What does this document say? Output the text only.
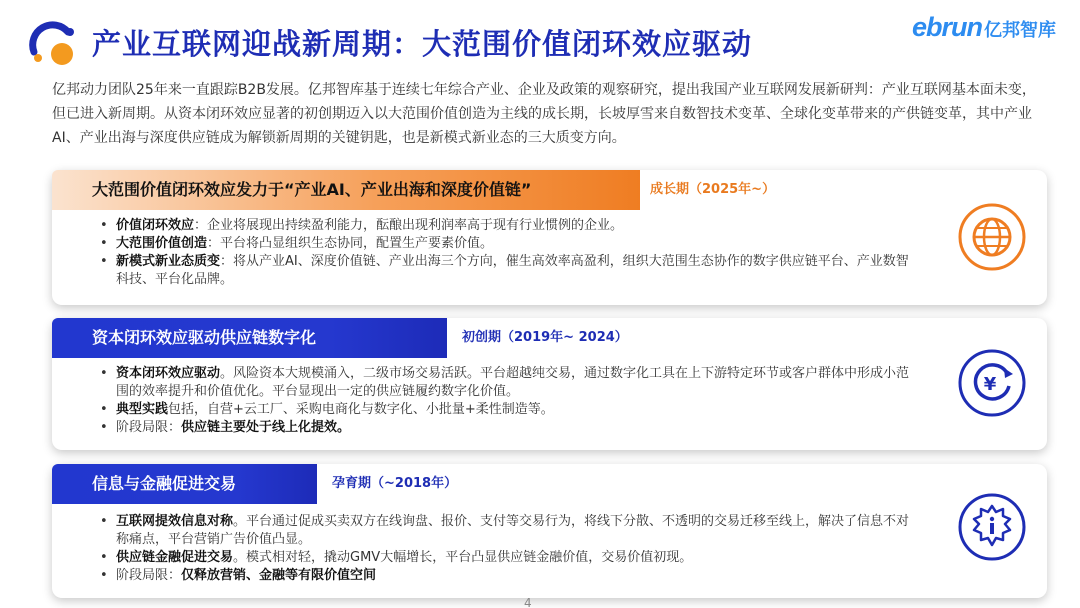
产业互联网迎战新周期：大范围价值闭环效应驱动	ebrun 亿邦智库

亿邦动力团队25年来一直跟踪B2B发展。亿邦智库基于连续七年综合产业、企业及政策的观察研究，提出我国产业互联网发展新研判：产业互联网基本面未变，但已进入新周期。从资本闭环效应显著的初创期迈入以大范围价值创造为主线的成长期，长坡厚雪来自数智技术变革、全球化变革带来的产供链变革，其中产业AI、产业出海与深度供应链成为解锁新周期的关键钥匙，也是新模式新业态的三大质变方向。

大范围价值闭环效应发力于“产业AI、产业出海和深度价值链”	成长期（2025年~）
• 价值闭环效应：企业将展现出持续盈利能力，酝酿出现利润率高于现有行业惯例的企业。
• 大范围价值创造：平台将凸显组织生态协同，配置生产要素价值。
• 新模式新业态质变：将从产业AI、深度价值链、产业出海三个方向，催生高效率高盈利，组织大范围生态协作的数字供应链平台、产业数智科技、平台化品牌。
资本闭环效应驱动供应链数字化	初创期（2019年~ 2024）
• 资本闭环效应驱动。风险资本大规模涌入，二级市场交易活跃。平台超越纯交易，通过数字化工具在上下游特定环节或客户群体中形成小范围的效率提升和价值优化。平台显现出一定的供应链履约数字化价值。
• 典型实践包括，自营+云工厂、采购电商化与数字化、小批量+柔性制造等。
• 阶段局限：供应链主要处于线上化提效。
¥
信息与金融促进交易	孕育期（~2018年）
• 互联网提效信息对称。平台通过促成买卖双方在线询盘、报价、支付等交易行为，将线下分散、不透明的交易迁移至线上，解决了信息不对称痛点，平台营销广告价值凸显。
• 供应链金融促进交易。模式相对轻，撬动GMV大幅增长，平台凸显供应链金融价值，交易价值初现。
• 阶段局限：仅释放营销、金融等有限价值空间
4
